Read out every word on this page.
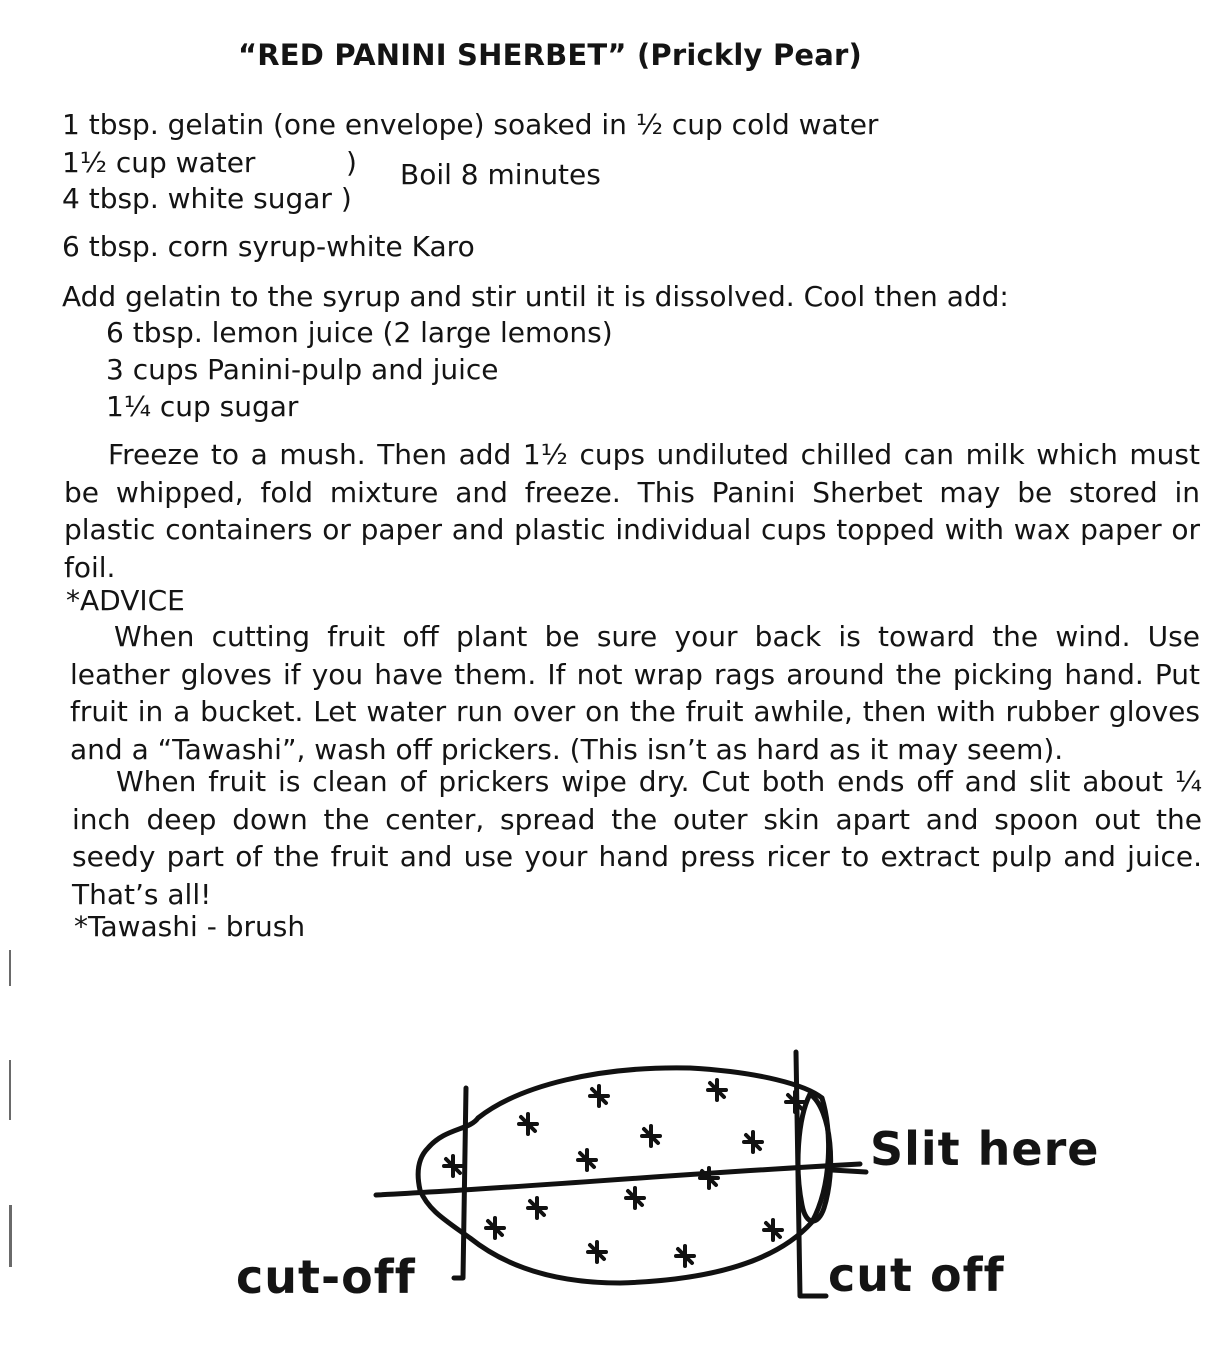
“RED PANINI SHERBET” (Prickly Pear)
1 tbsp. gelatin (one envelope) soaked in ½ cup cold water
1½ cup water	) Boil 8 minutes
4 tbsp. white sugar )
6 tbsp. corn syrup-white Karo
Add gelatin to the syrup and stir until it is dissolved. Cool then add:
6 tbsp. lemon juice (2 large lemons)
3 cups Panini-pulp and juice
1¼ cup sugar
Freeze to a mush. Then add 1½ cups undiluted chilled can milk which must be whipped, fold mixture and freeze. This Panini Sherbet may be stored in plastic containers or paper and plastic individual cups topped with wax paper or foil.
*ADVICE
When cutting fruit off plant be sure your back is toward the wind. Use leather gloves if you have them. If not wrap rags around the picking hand. Put fruit in a bucket. Let water run over on the fruit awhile, then with rubber gloves and a “Tawashi”, wash off prickers. (This isn’t as hard as it may seem).
When fruit is clean of prickers wipe dry. Cut both ends off and slit about ¼ inch deep down the center, spread the outer skin apart and spoon out the seedy part of the fruit and use your hand press ricer to extract pulp and juice. That’s all!
*Tawashi - brush
cut-off
Slit here
cut off
